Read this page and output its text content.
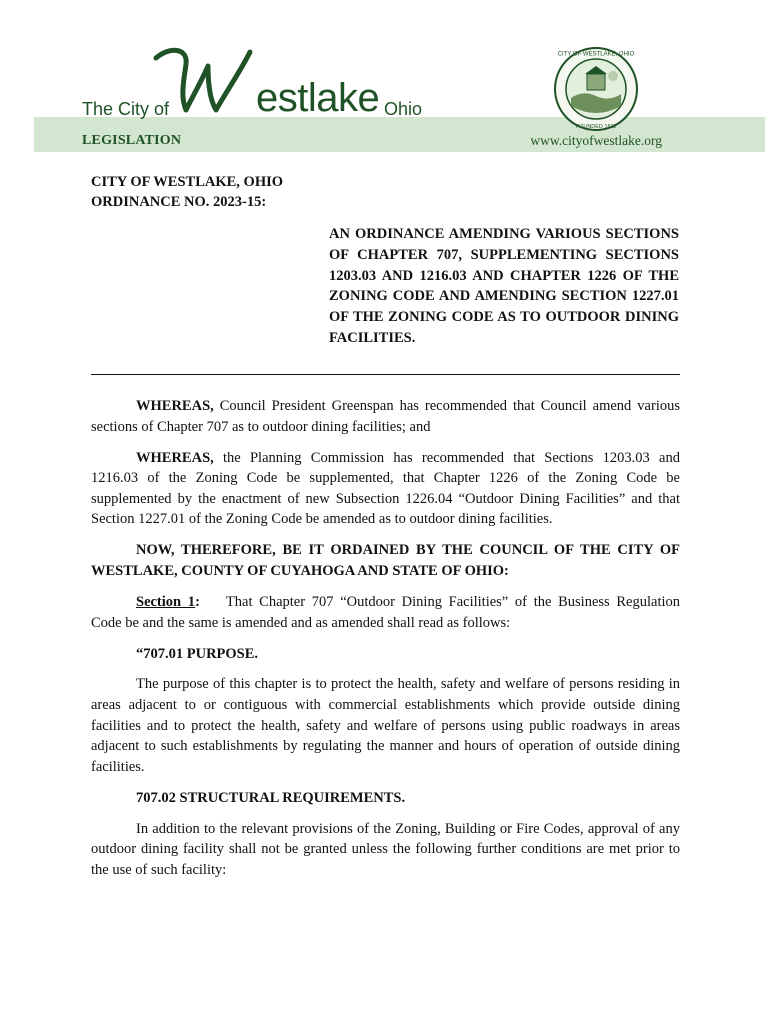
The City of estlake Ohio
CITY OF WESTLAKE, OHIO
FOUNDED 1811
LEGISLATION	www.cityofwestlake.org
CITY OF WESTLAKE, OHIO
ORDINANCE NO. 2023-15:
AN ORDINANCE AMENDING VARIOUS SECTIONS OF CHAPTER 707, SUPPLEMENTING SECTIONS 1203.03 AND 1216.03 AND CHAPTER 1226 OF THE ZONING CODE AND AMENDING SECTION 1227.01 OF THE ZONING CODE AS TO OUTDOOR DINING FACILITIES.

WHEREAS, Council President Greenspan has recommended that Council amend various sections of Chapter 707 as to outdoor dining facilities; and

WHEREAS, the Planning Commission has recommended that Sections 1203.03 and 1216.03 of the Zoning Code be supplemented, that Chapter 1226 of the Zoning Code be supplemented by the enactment of new Subsection 1226.04 “Outdoor Dining Facilities” and that Section 1227.01 of the Zoning Code be amended as to outdoor dining facilities.

NOW, THEREFORE, BE IT ORDAINED BY THE COUNCIL OF THE CITY OF WESTLAKE, COUNTY OF CUYAHOGA AND STATE OF OHIO:

Section 1: That Chapter 707 “Outdoor Dining Facilities” of the Business Regulation Code be and the same is amended and as amended shall read as follows:

“707.01 PURPOSE.

The purpose of this chapter is to protect the health, safety and welfare of persons residing in areas adjacent to or contiguous with commercial establishments which provide outside dining facilities and to protect the health, safety and welfare of persons using public roadways in areas adjacent to such establishments by regulating the manner and hours of operation of outside dining facilities.

707.02 STRUCTURAL REQUIREMENTS.

In addition to the relevant provisions of the Zoning, Building or Fire Codes, approval of any outdoor dining facility shall not be granted unless the following further conditions are met prior to the use of such facility:
